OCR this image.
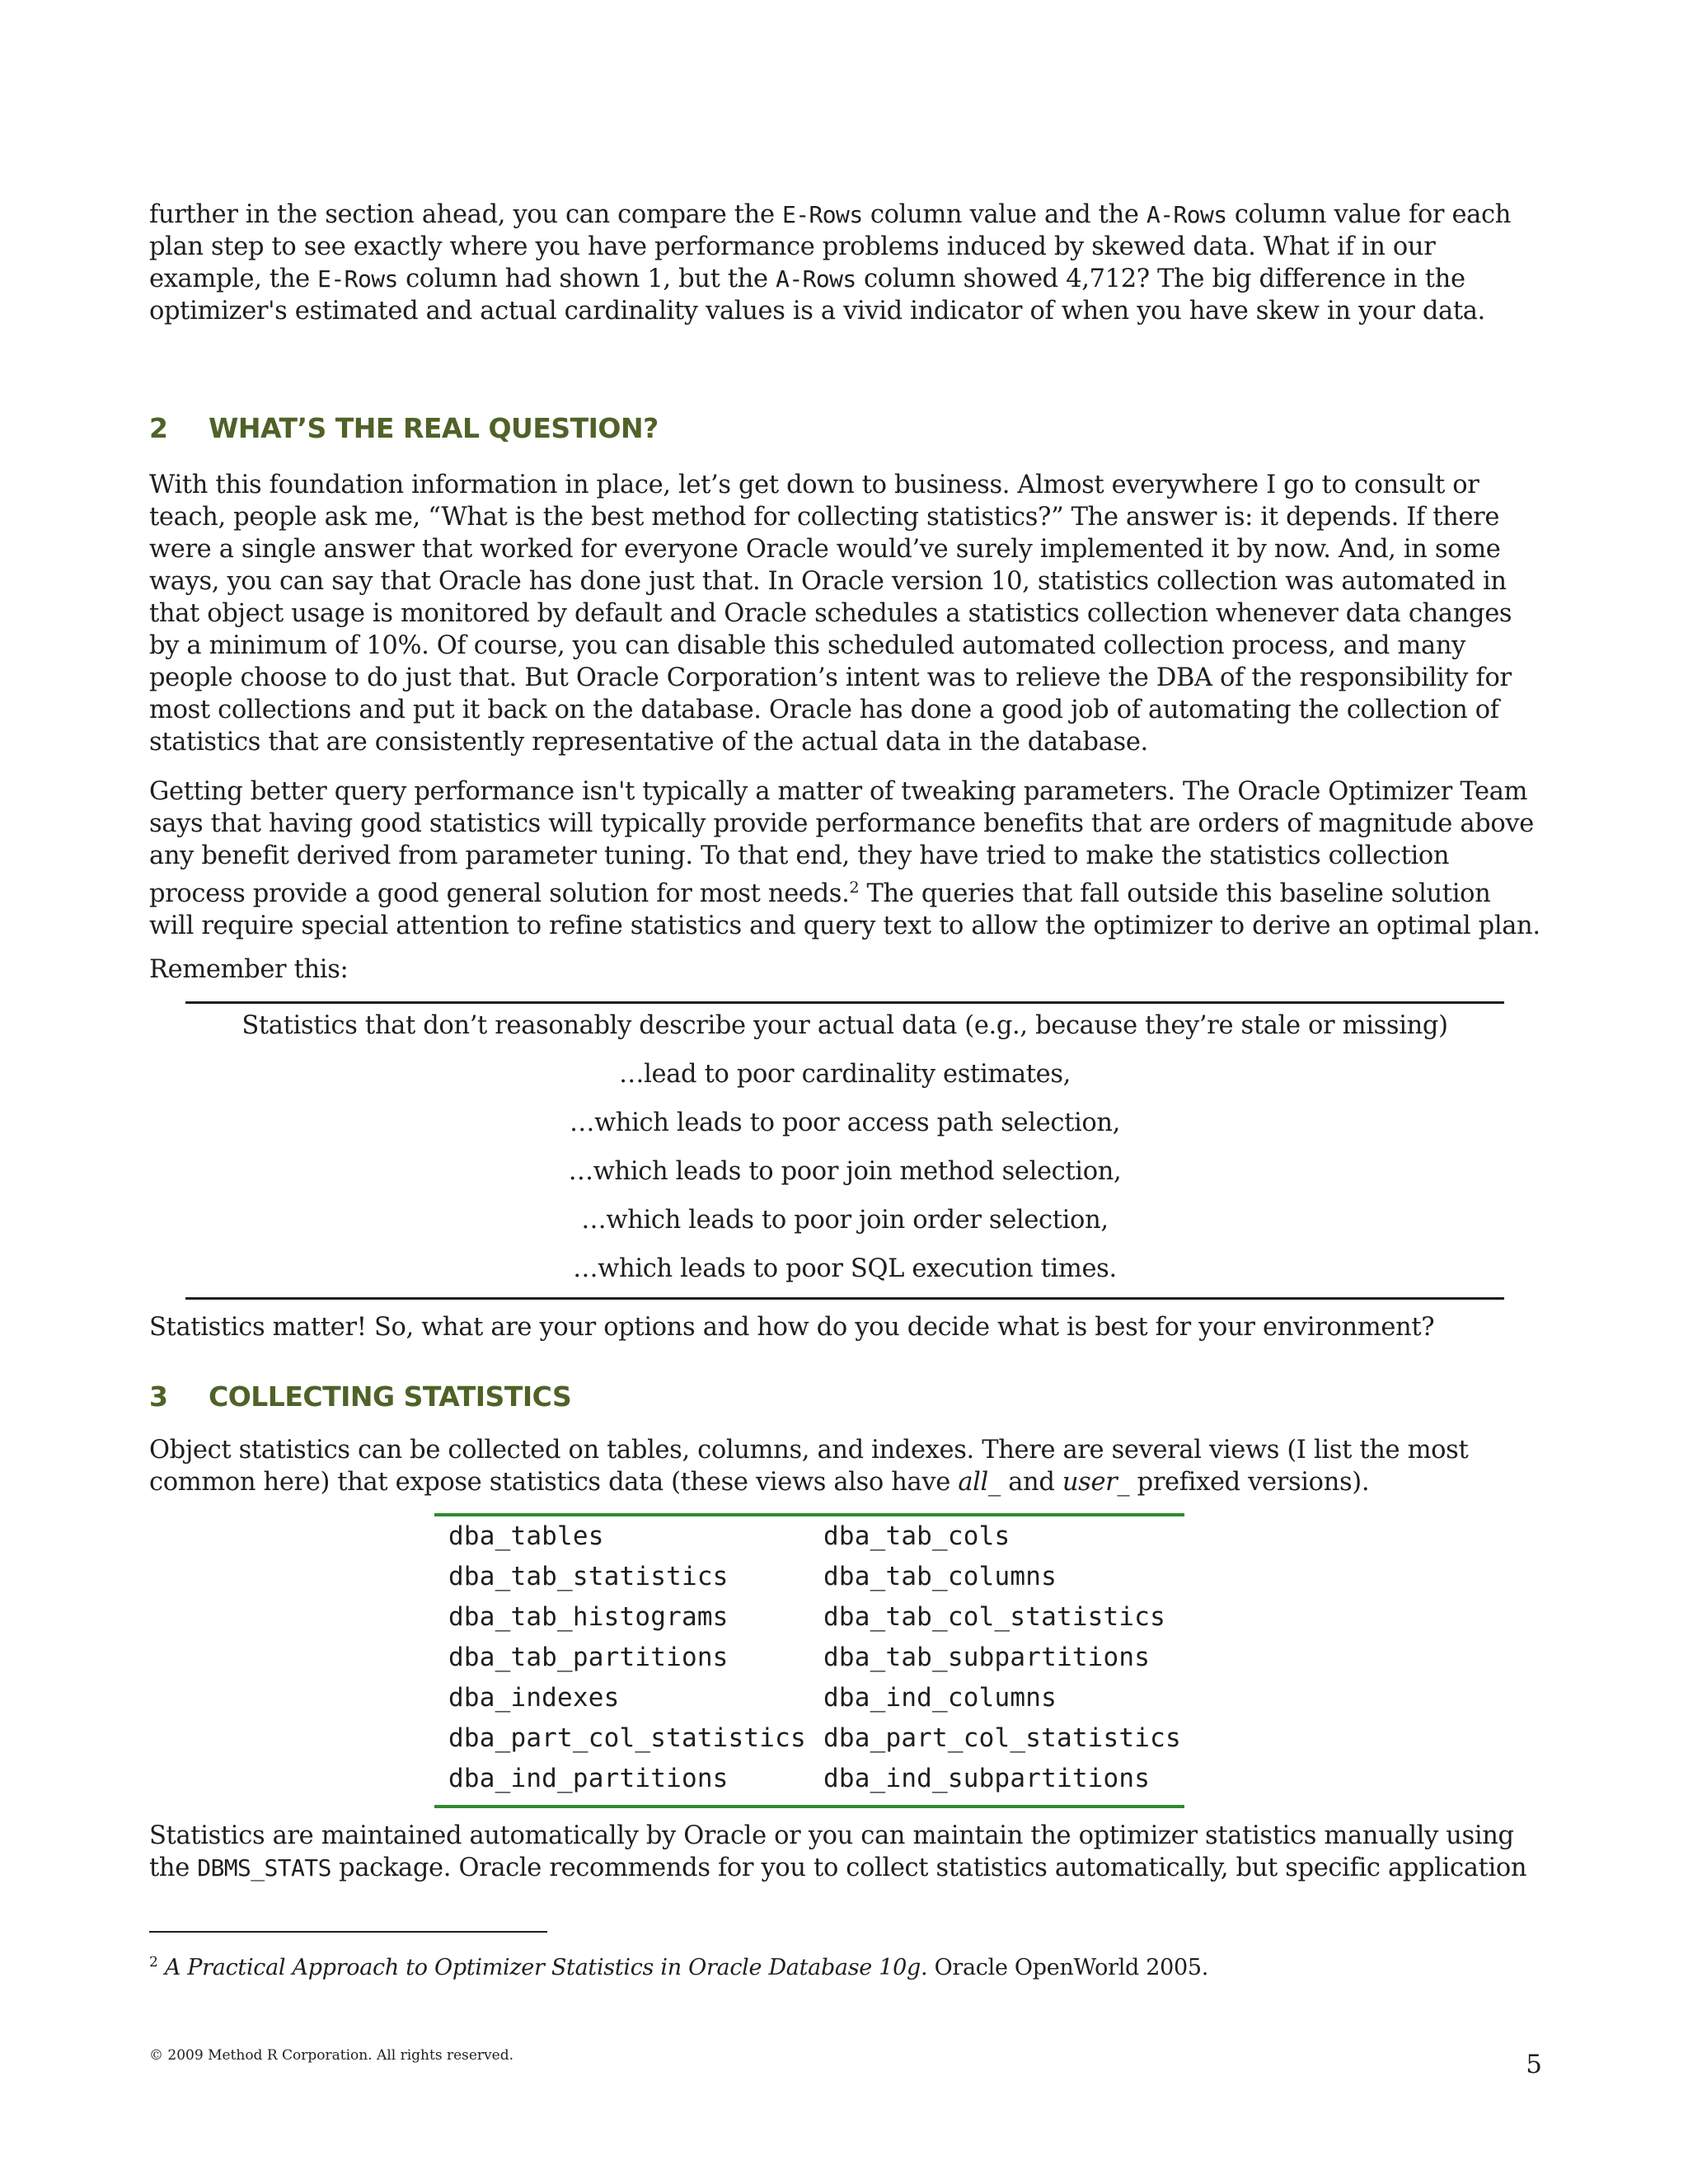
further in the section ahead, you can compare the E-Rows column value and the A-Rows column value for each plan step to see exactly where you have performance problems induced by skewed data. What if in our example, the E-Rows column had shown 1, but the A-Rows column showed 4,712? The big difference in the optimizer's estimated and actual cardinality values is a vivid indicator of when you have skew in your data.

2 WHAT’S THE REAL QUESTION?

With this foundation information in place, let’s get down to business. Almost everywhere I go to consult or teach, people ask me, “What is the best method for collecting statistics?” The answer is: it depends. If there were a single answer that worked for everyone Oracle would’ve surely implemented it by now. And, in some ways, you can say that Oracle has done just that. In Oracle version 10, statistics collection was automated in that object usage is monitored by default and Oracle schedules a statistics collection whenever data changes by a minimum of 10%. Of course, you can disable this scheduled automated collection process, and many people choose to do just that. But Oracle Corporation’s intent was to relieve the DBA of the responsibility for most collections and put it back on the database. Oracle has done a good job of automating the collection of statistics that are consistently representative of the actual data in the database.

Getting better query performance isn't typically a matter of tweaking parameters. The Oracle Optimizer Team says that having good statistics will typically provide performance benefits that are orders of magnitude above any benefit derived from parameter tuning. To that end, they have tried to make the statistics collection process provide a good general solution for most needs.$^2$ The queries that fall outside this baseline solution will require special attention to refine statistics and query text to allow the optimizer to derive an optimal plan.

Remember this:

Statistics that don’t reasonably describe your actual data (e.g., because they’re stale or missing)
…lead to poor cardinality estimates,
…which leads to poor access path selection,
…which leads to poor join method selection,
…which leads to poor join order selection,
…which leads to poor SQL execution times.

Statistics matter! So, what are your options and how do you decide what is best for your environment?

3 COLLECTING STATISTICS

Object statistics can be collected on tables, columns, and indexes. There are several views (I list the most common here) that expose statistics data (these views also have all_ and user_ prefixed versions).

dba_tables	dba_tab_cols
dba_tab_statistics	dba_tab_columns
dba_tab_histograms	dba_tab_col_statistics
dba_tab_partitions	dba_tab_subpartitions
dba_indexes	dba_ind_columns
dba_part_col_statistics dba_part_col_statistics
dba_ind_partitions	dba_ind_subpartitions

Statistics are maintained automatically by Oracle or you can maintain the optimizer statistics manually using the DBMS_STATS package. Oracle recommends for you to collect statistics automatically, but specific application

$^2$ A Practical Approach to Optimizer Statistics in Oracle Database 10g. Oracle OpenWorld 2005.
© 2009 Method R Corporation. All rights reserved.	5
